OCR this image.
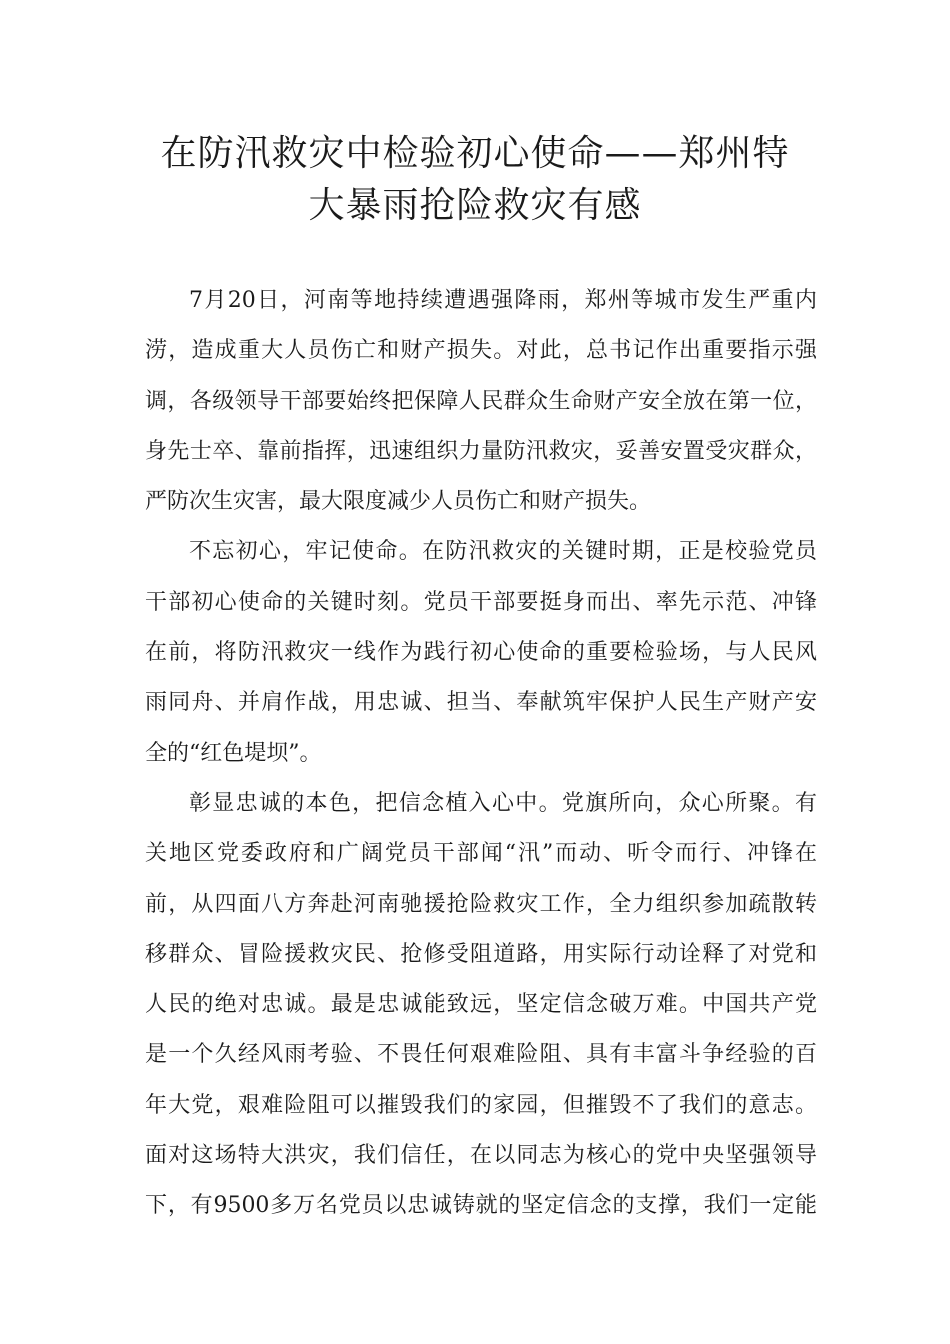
在防汛救灾中检验初心使命——郑州特
大暴雨抢险救灾有感
7月20日，河南等地持续遭遇强降雨，郑州等城市发生严重内
涝，造成重大人员伤亡和财产损失。对此，总书记作出重要指示强
调，各级领导干部要始终把保障人民群众生命财产安全放在第一位，
身先士卒、靠前指挥，迅速组织力量防汛救灾，妥善安置受灾群众，
严防次生灾害，最大限度减少人员伤亡和财产损失。
不忘初心，牢记使命。在防汛救灾的关键时期，正是校验党员
干部初心使命的关键时刻。党员干部要挺身而出、率先示范、冲锋
在前，将防汛救灾一线作为践行初心使命的重要检验场，与人民风
雨同舟、并肩作战，用忠诚、担当、奉献筑牢保护人民生产财产安
全的“红色堤坝”。
彰显忠诚的本色，把信念植入心中。党旗所向，众心所聚。有
关地区党委政府和广阔党员干部闻“汛”而动、听令而行、冲锋在
前，从四面八方奔赴河南驰援抢险救灾工作，全力组织参加疏散转
移群众、冒险援救灾民、抢修受阻道路，用实际行动诠释了对党和
人民的绝对忠诚。最是忠诚能致远，坚定信念破万难。中国共产党
是一个久经风雨考验、不畏任何艰难险阻、具有丰富斗争经验的百
年大党，艰难险阻可以摧毁我们的家园，但摧毁不了我们的意志。
面对这场特大洪灾，我们信任，在以同志为核心的党中央坚强领导
下，有9500多万名党员以忠诚铸就的坚定信念的支撑，我们一定能
